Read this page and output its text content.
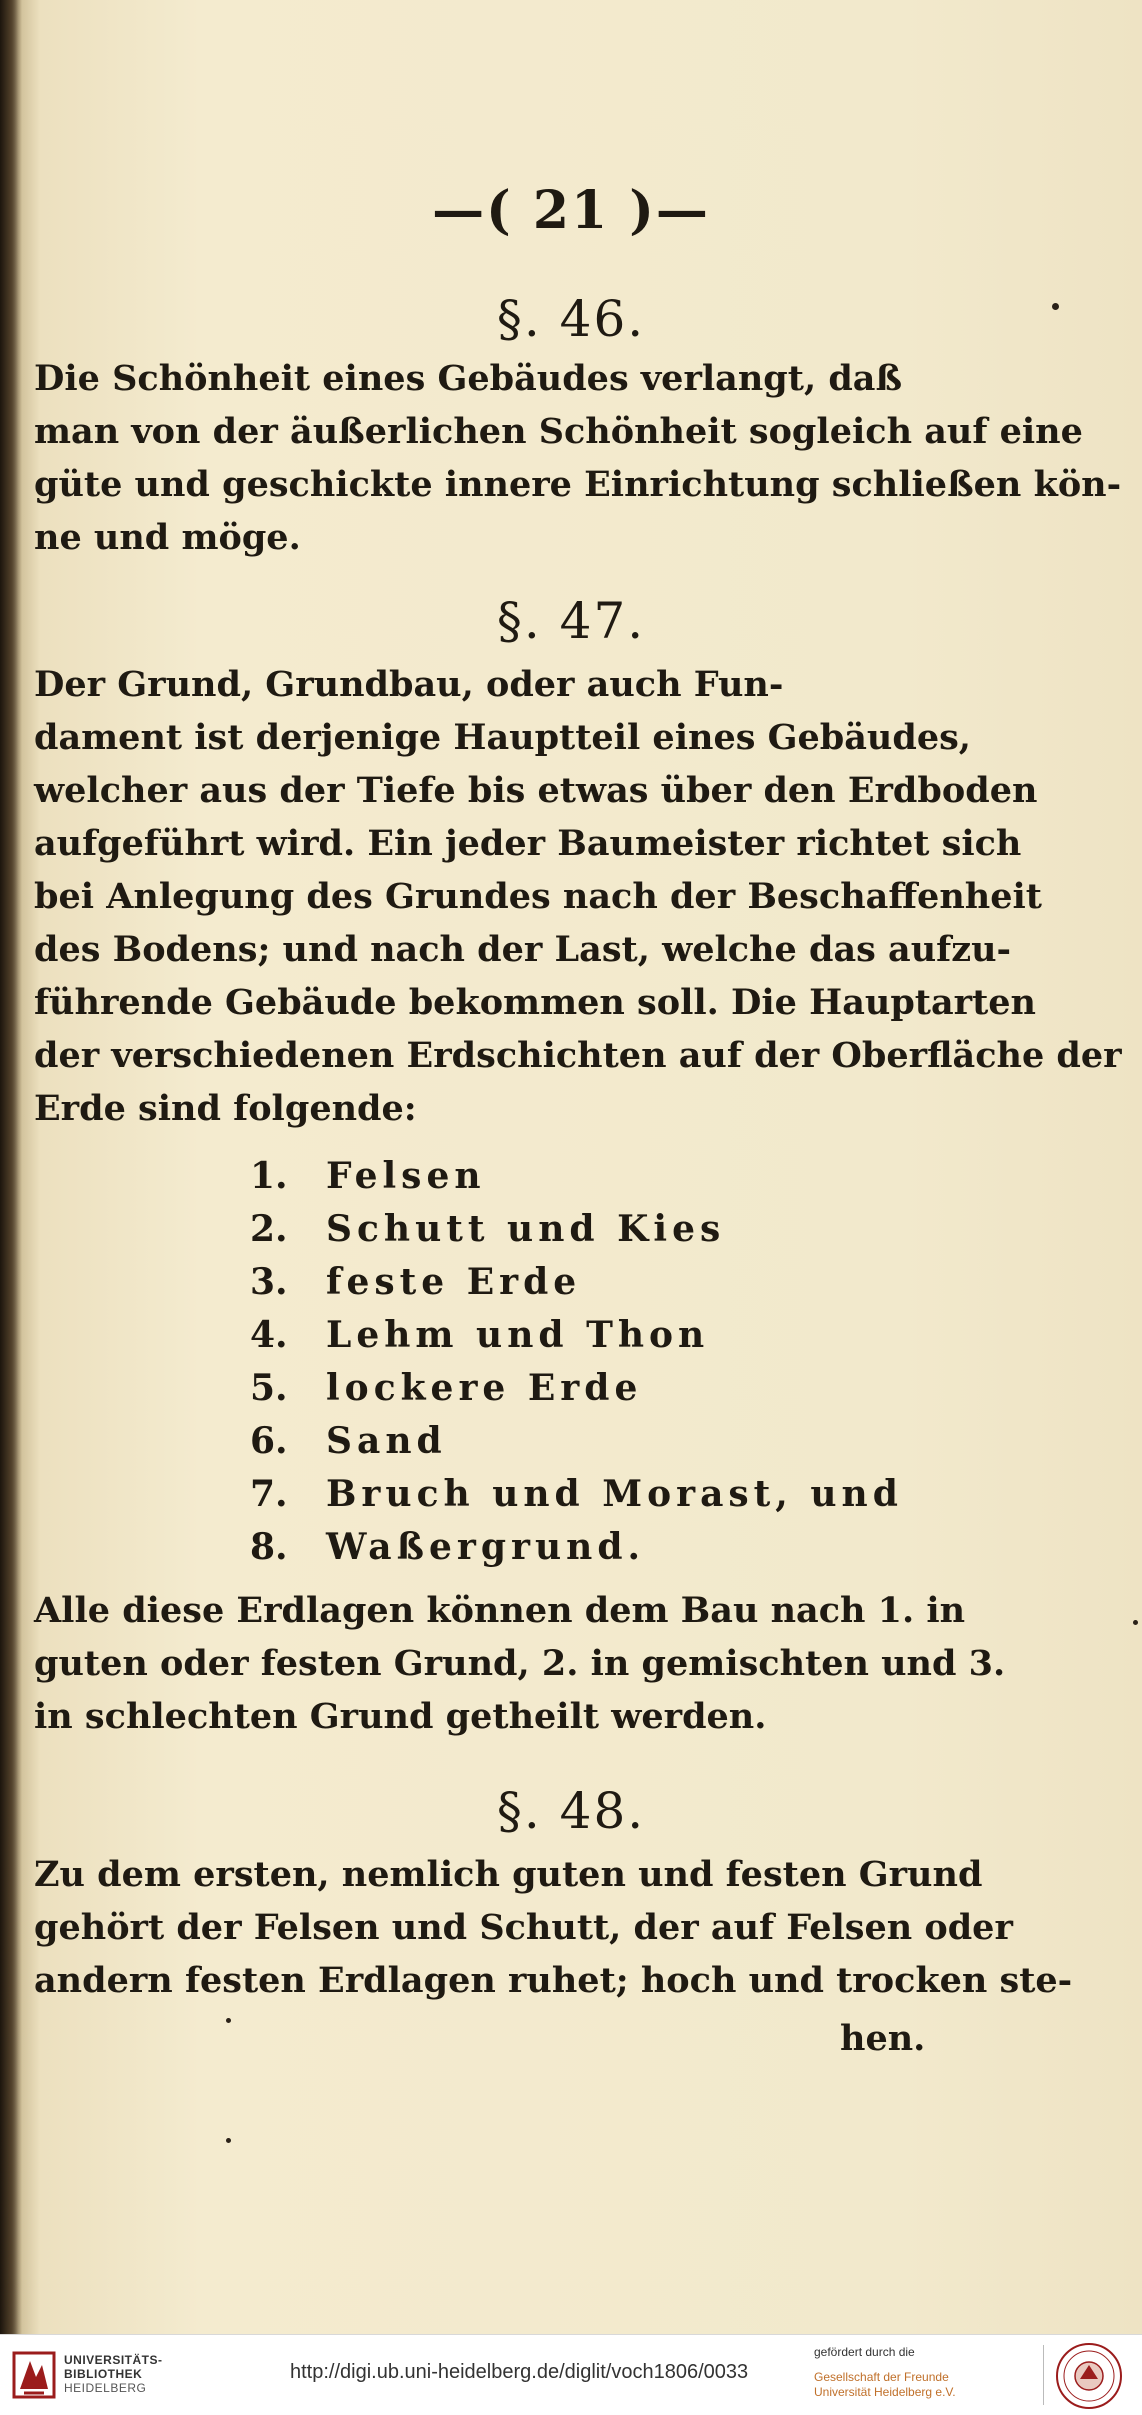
—( 21 )—
§. 46.
Die Schönheit eines Gebäudes verlangt, daß
man von der äußerlichen Schönheit sogleich auf eine
güte und geschickte innere Einrichtung schließen kön-
ne und möge.
§. 47.
Der Grund, Grundbau, oder auch Fun-
dament ist derjenige Hauptteil eines Gebäudes,
welcher aus der Tiefe bis etwas über den Erdboden
aufgeführt wird. Ein jeder Baumeister richtet sich
bei Anlegung des Grundes nach der Beschaffenheit
des Bodens; und nach der Last, welche das aufzu-
führende Gebäude bekommen soll. Die Hauptarten
der verschiedenen Erdschichten auf der Oberfläche der
Erde sind folgende:
1. Felsen
2. Schutt und Kies
3. feste Erde
4. Lehm und Thon
5. lockere Erde
6. Sand
7. Bruch und Morast, und
8. Waßergrund.
Alle diese Erdlagen können dem Bau nach 1. in
guten oder festen Grund, 2. in gemischten und 3.
in schlechten Grund getheilt werden.
§. 48.
Zu dem ersten, nemlich guten und festen Grund
gehört der Felsen und Schutt, der auf Felsen oder
andern festen Erdlagen ruhet; hoch und trocken ste-
hen.
UNIVERSITÄTS-
BIBLIOTHEK
HEIDELBERG
http://digi.ub.uni-heidelberg.de/diglit/voch1806/0033
gefördert durch die
Gesellschaft der Freunde
Universität Heidelberg e.V.
